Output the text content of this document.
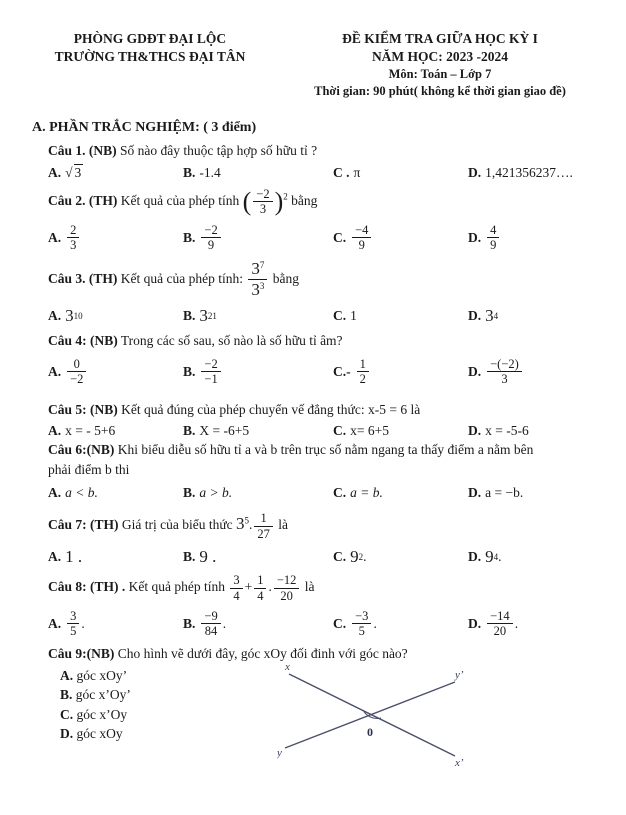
PHÒNG GDĐT ĐẠI LỘC
TRƯỜNG TH&THCS ĐẠI TÂN
ĐỀ KIỂM TRA GIỮA HỌC KỲ I
NĂM HỌC: 2023 -2024
Môn: Toán – Lớp 7
Thời gian: 90 phút( không kể thời gian giao đề)
A. PHẦN TRẮC NGHIỆM: ( 3 điểm)
Câu 1. (NB) Số nào đây thuộc tập hợp số hữu tỉ ?
A. √ 3	B. -1.4	C . π	D. 1,421356237….
Câu 2. (TH) Kết quả của phép tính ( $\frac{-2}{3} )^2$ bằng
A. $\frac{2}{3}$	B. $\frac{-2}{9}$	C. $\frac{-4}{9}$	D. $\frac{4}{9}$
Câu 3. (TH) Kết quả của phép tính: $\frac{3^7}{3^3}$ bằng
A. 3 10	B. 3 21	C. 1	D. 3 4
Câu 4: (NB) Trong các số sau, số nào là số hữu tỉ âm?
A. $\frac{0}{-2}$	B. $\frac{-2}{-1}$	$C.- \frac{1}{2}$	D. $\frac{-(-2)}{3}$
Câu 5: (NB) Kết quả đúng của phép chuyển vế đẳng thức: x-5 = 6 là
A. x = - 5+6	B. X = -6+5	C. x= 6+5	D. x = -5-6
Câu 6:(NB) Khi biểu diễu số hữu tỉ a và b trên trục số nằm ngang ta thấy điểm a nằm bên
phải điểm b thi
A. a < b.	B. a > b.	C. a = b.	D. a = −b.
Câu 7: (TH) Giá trị của biểu thức $3^5$. $\frac{1}{27}$ là
A. 1 .	B. 9 .	C. 9 2 .	D. 9 4 .
Câu 8: (TH) . Kết quả phép tính $\frac{3}{4} + \frac{1}{4}$ . $\frac{-12}{20}$ là
A. $\frac{3}{5}$ .	B. $\frac{-9}{84}$ .	C. $\frac{-3}{5}$ .	D. $\frac{-14}{20}$ .
Câu 9:(NB) Cho hình vẽ dưới đây, góc xOy đối đinh với góc nào?
A. góc xOy’
B. góc x’Oy’
C. góc x’Oy
D. góc xOy
x
y’
y
x’
0
